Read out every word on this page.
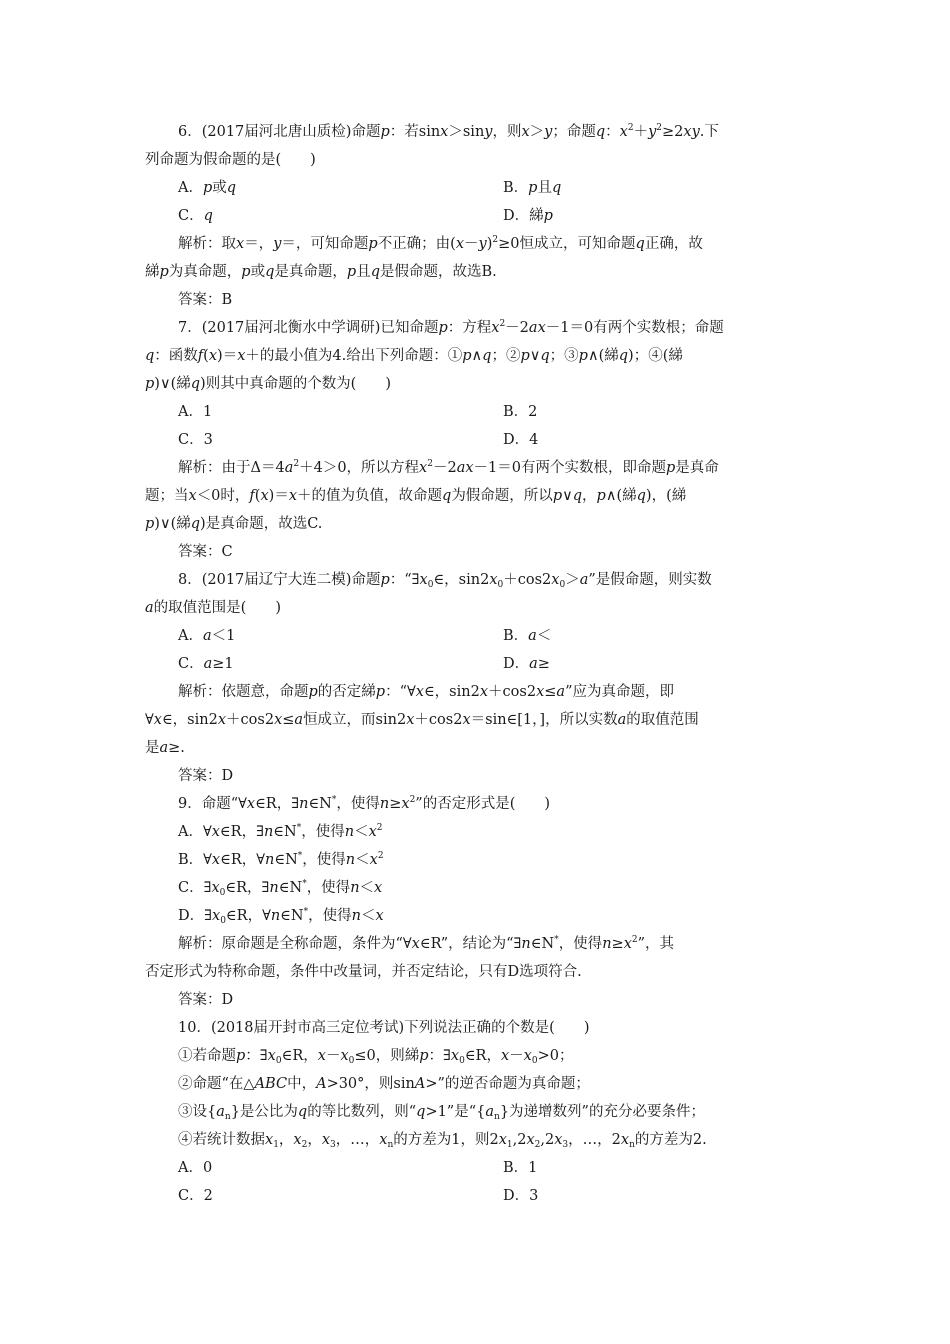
6．(2017届河北唐山质检)命题p：若sinx＞siny，则x＞y；命题q：$x^2+y^2\ge 2xy$.下
列命题为假命题的是(　　)
A．p或q	B．p且q
C．q	D．綈p
解析：取x＝，y＝，可知命题p不正确；由$(x-y)^2\ge 0$恒成立，可知命题q正确，故
綈p为真命题，p或q是真命题，p且q是假命题，故选B.
答案：B
7．(2017届河北衡水中学调研)已知命题p：方程$x^2-2ax-1=0$有两个实数根；命题
q：函数f(x)＝x＋的最小值为4.给出下列命题：①p∧q；②p∨q；③p∧(綈q)；④(綈
p)∨(綈q)则其中真命题的个数为(　　)
A．1	B．2
C．3	D．4
解析：由于$\Delta=4a^2+4>0$，所以方程$x^2-2ax-1=0$有两个实数根，即命题p是真命
题；当x＜0时，f(x)＝x＋的值为负值，故命题q为假命题，所以p∨q，p∧(綈q)，(綈
p)∨(綈q)是真命题，故选C.
答案：C
8．(2017届辽宁大连二模)命题p：“$\exists x_0\in$，$\sin 2x_0+\cos 2x_0>a$”是假命题，则实数
a的取值范围是(　　)
A．a＜1	B．a＜
C．a≥1	D．a≥
解析：依题意，命题p的否定綈p：“∀x∈，sin2x＋cos2x≤a”应为真命题，即
∀x∈，sin2x＋cos2x≤a恒成立，而sin2x＋cos2x＝sin∈[1，]，所以实数a的取值范围
是a≥.
答案：D
9．命题“∀x∈R，∃n∈N*，使得$n\ge x^2$”的否定形式是(　　)
A．∀x∈R，∃n∈N*，使得$n<x^2$
B．∀x∈R，∀n∈N*，使得$n<x^2$
C．$\exists x_0\in R$，∃n∈N*，使得n＜x
D．$\exists x_0\in R$，∀n∈N*，使得n＜x
解析：原命题是全称命题，条件为“∀x∈R”，结论为“∃n∈N*，使得$n\ge x^2$”，其
否定形式为特称命题，条件中改量词，并否定结论，只有D选项符合.
答案：D
10．(2018届开封市高三定位考试)下列说法正确的个数是(　　)
①若命题p：$\exists x_0\in R$，$x-x_0\le 0$，则綈p：$\exists x_0\in R$，$x-x_0>0$；
②命题“在△ABC中，A>30°，则sinA>”的逆否命题为真命题；
③设$\{a_n\}$是公比为q的等比数列，则“q>1”是“$\{a_n\}$为递增数列”的充分必要条件；
④若统计数据$x_1$，$x_2$，$x_3$，…，$x_n$的方差为1，则$2x_1,2x_2,2x_3$，…，$2x_n$的方差为2.
A．0	B．1
C．2	D．3
